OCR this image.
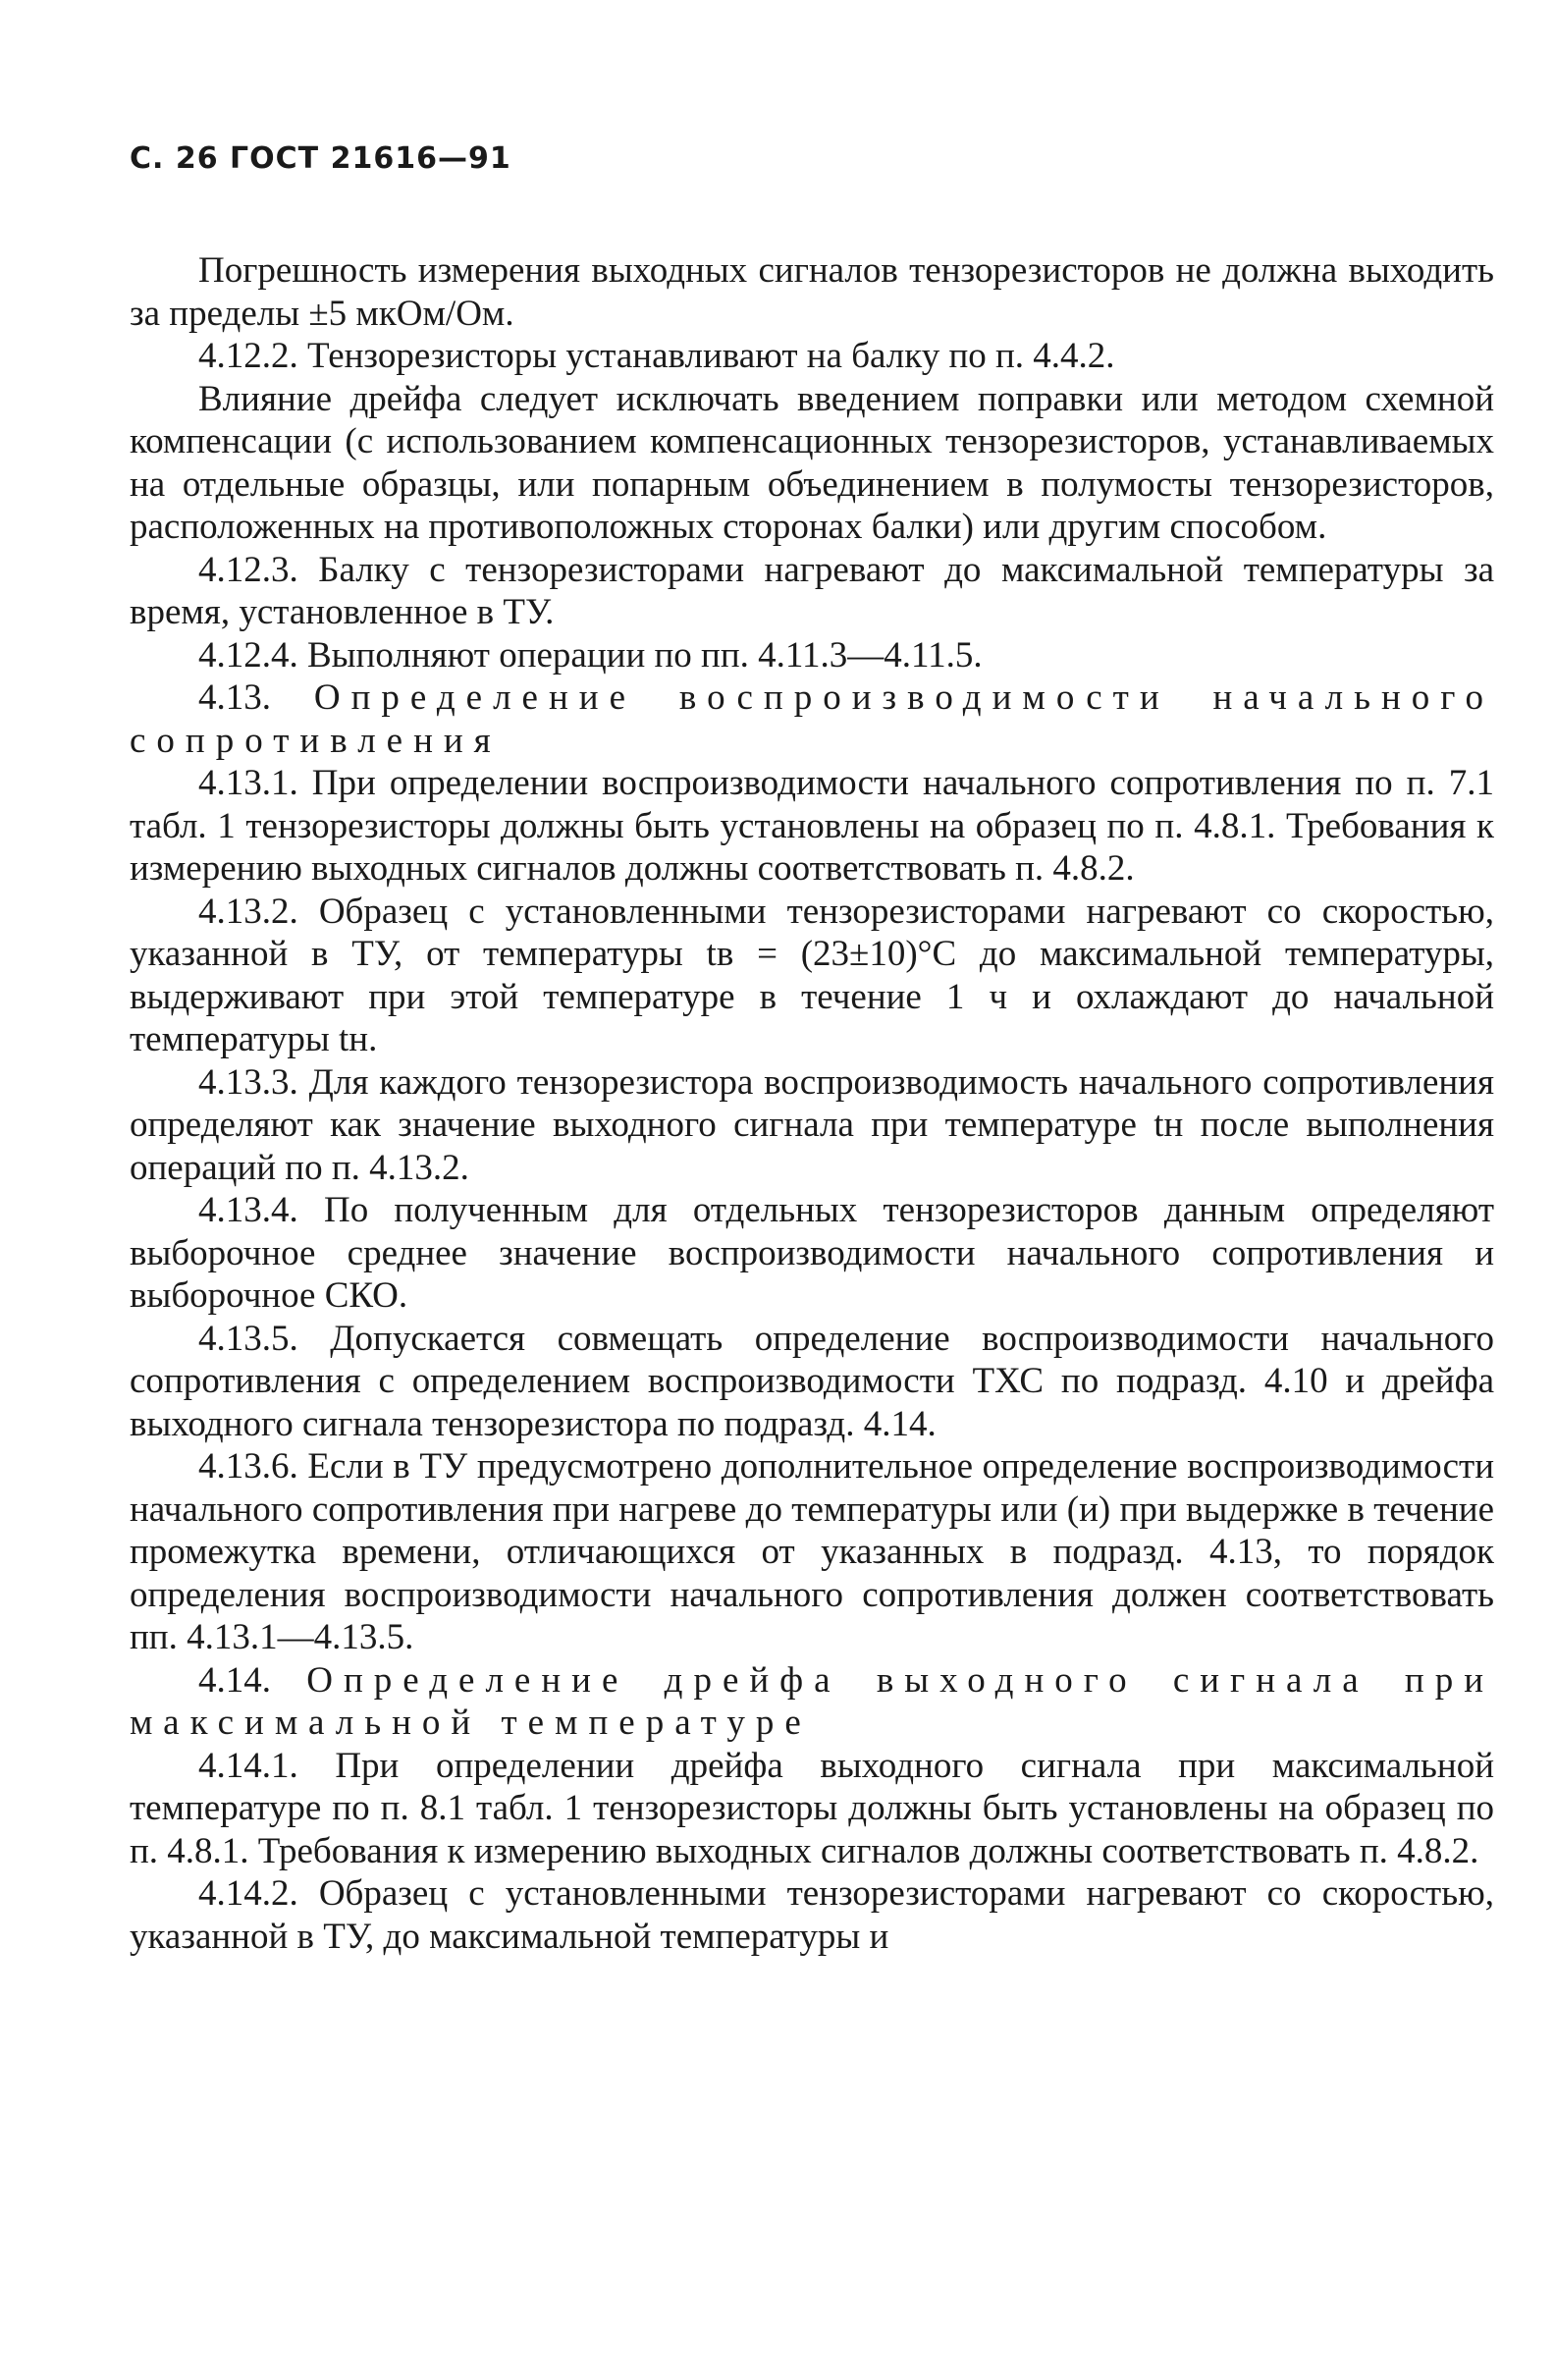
С. 26 ГОСТ 21616—91

Погрешность измерения выходных сигналов тензорезисторов не должна выходить за пределы ±5 мкОм/Ом.

4.12.2. Тензорезисторы устанавливают на балку по п. 4.4.2.

Влияние дрейфа следует исключать введением поправки или методом схемной компенсации (с использованием компенсационных тензорезисторов, устанавливаемых на отдельные образцы, или попарным объединением в полумосты тензорезисторов, расположенных на противоположных сторонах балки) или другим способом.

4.12.3. Балку с тензорезисторами нагревают до максимальной температуры за время, установленное в ТУ.

4.12.4. Выполняют операции по пп. 4.11.3—4.11.5.

4.13. Определение воспроизводимости начального сопротивления

4.13.1. При определении воспроизводимости начального сопротивления по п. 7.1 табл. 1 тензорезисторы должны быть установлены на образец по п. 4.8.1. Требования к измерению выходных сигналов должны соответствовать п. 4.8.2.

4.13.2. Образец с установленными тензорезисторами нагревают со скоростью, указанной в ТУ, от температуры tв = (23±10)°C до максимальной температуры, выдерживают при этой температуре в течение 1 ч и охлаждают до начальной температуры tн.

4.13.3. Для каждого тензорезистора воспроизводимость начального сопротивления определяют как значение выходного сигнала при температуре tн после выполнения операций по п. 4.13.2.

4.13.4. По полученным для отдельных тензорезисторов данным определяют выборочное среднее значение воспроизводимости начального сопротивления и выборочное СКО.

4.13.5. Допускается совмещать определение воспроизводимости начального сопротивления с определением воспроизводимости ТХС по подразд. 4.10 и дрейфа выходного сигнала тензорезистора по подразд. 4.14.

4.13.6. Если в ТУ предусмотрено дополнительное определение воспроизводимости начального сопротивления при нагреве до температуры или (и) при выдержке в течение промежутка времени, отличающихся от указанных в подразд. 4.13, то порядок определения воспроизводимости начального сопротивления должен соответствовать пп. 4.13.1—4.13.5.

4.14. Определение дрейфа выходного сигнала при максимальной температуре

4.14.1. При определении дрейфа выходного сигнала при максимальной температуре по п. 8.1 табл. 1 тензорезисторы должны быть установлены на образец по п. 4.8.1. Требования к измерению выходных сигналов должны соответствовать п. 4.8.2.

4.14.2. Образец с установленными тензорезисторами нагревают со скоростью, указанной в ТУ, до максимальной температуры и
